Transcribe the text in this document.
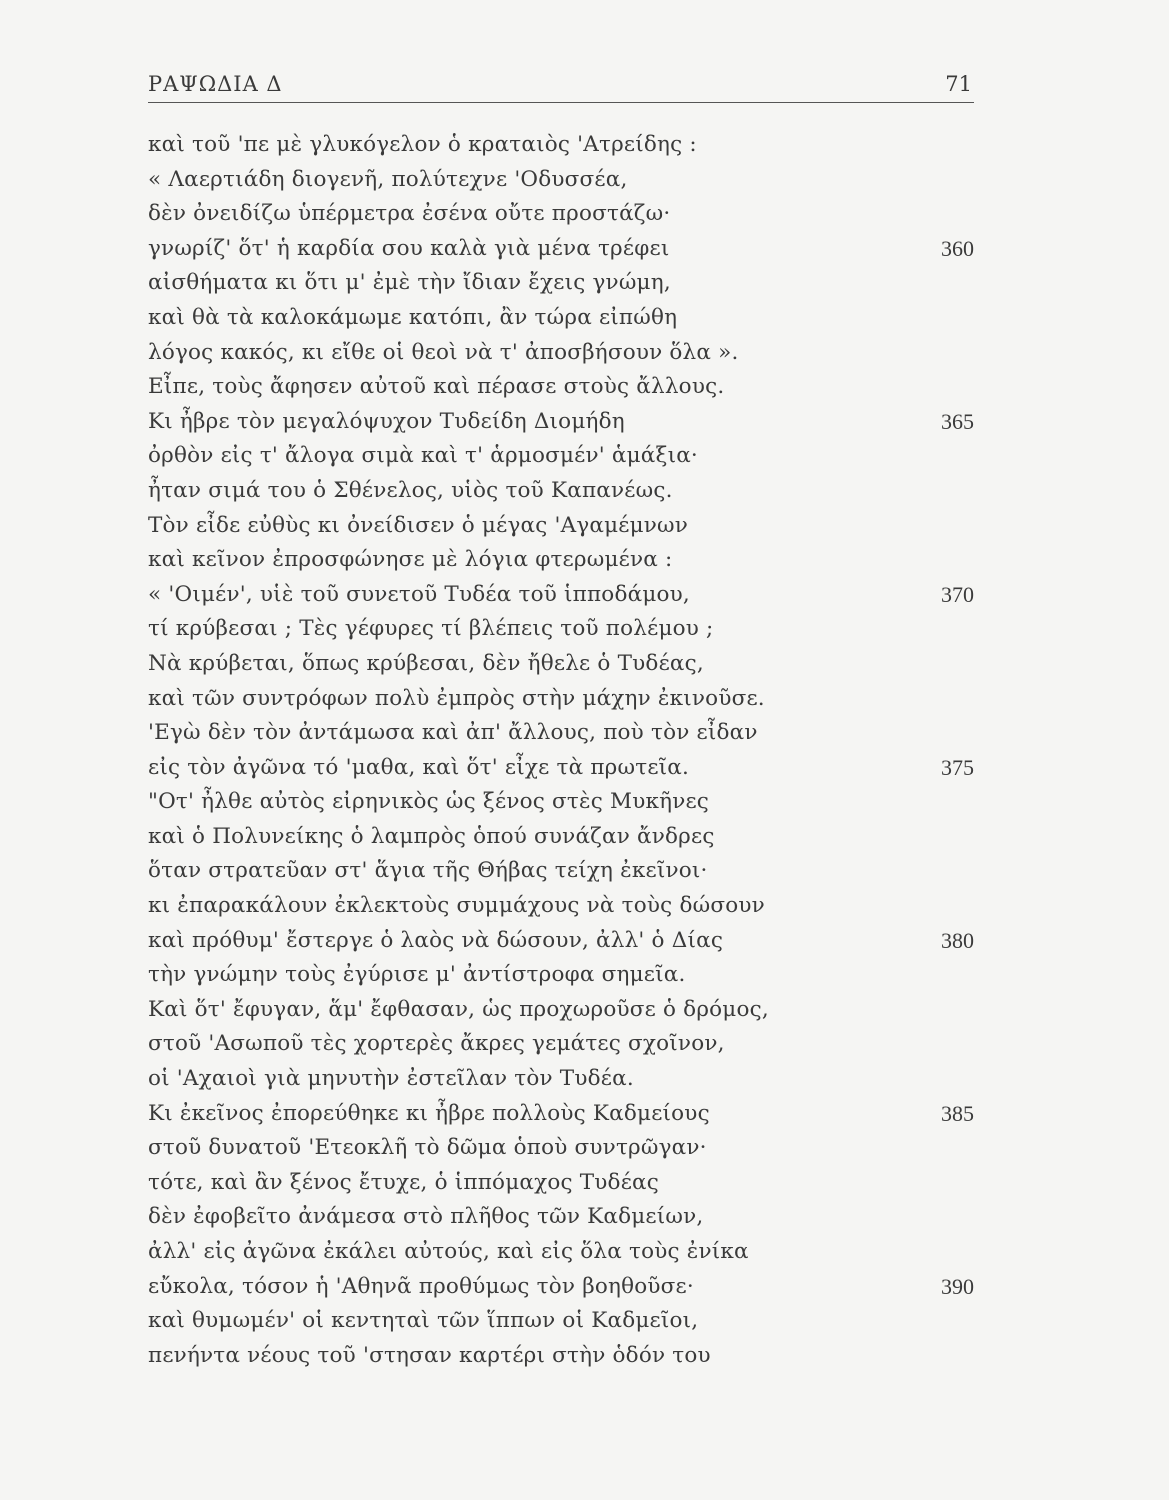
ΡΑΨΩΔΙΑ Δ	71
καὶ τοῦ 'πε μὲ γλυκόγελον ὁ κραταιὸς 'Ατρείδης :
« Λαερτιάδη διογενῆ, πολύτεχνε 'Οδυσσέα,
δὲν ὀνειδίζω ὑπέρμετρα ἐσένα οὔτε προστάζω·
γνωρίζ' ὅτ' ἡ καρδία σου καλὰ γιὰ μένα τρέφει	360
αἰσθήματα κι ὅτι μ' ἐμὲ τὴν ἴδιαν ἔχεις γνώμη,
καὶ θὰ τὰ καλοκάμωμε κατόπι, ἂν τώρα εἰπώθη
λόγος κακός, κι εἴθε οἱ θεοὶ νὰ τ' ἀποσβήσουν ὅλα ».
Εἶπε, τοὺς ἄφησεν αὐτοῦ καὶ πέρασε στοὺς ἄλλους.
Κι ἦβρε τὸν μεγαλόψυχον Τυδείδη Διομήδη	365
ὀρθὸν εἰς τ' ἄλογα σιμὰ καὶ τ' ἁρμοσμέν' ἁμάξια·
ἦταν σιμά του ὁ Σθένελος, υἱὸς τοῦ Καπανέως.
Τὸν εἶδε εὐθὺς κι ὀνείδισεν ὁ μέγας 'Αγαμέμνων
καὶ κεῖνον ἐπροσφώνησε μὲ λόγια φτερωμένα :
« 'Οιμέν', υἱὲ τοῦ συνετοῦ Τυδέα τοῦ ἱπποδάμου,	370
τί κρύβεσαι ; Τὲς γέφυρες τί βλέπεις τοῦ πολέμου ;
Νὰ κρύβεται, ὅπως κρύβεσαι, δὲν ἤθελε ὁ Τυδέας,
καὶ τῶν συντρόφων πολὺ ἐμπρὸς στὴν μάχην ἐκινοῦσε.
'Εγὼ δὲν τὸν ἀντάμωσα καὶ ἀπ' ἄλλους, ποὺ τὸν εἶδαν
εἰς τὸν ἀγῶνα τό 'μαθα, καὶ ὅτ' εἶχε τὰ πρωτεῖα.	375
"Οτ' ἦλθε αὐτὸς εἰρηνικὸς ὡς ξένος στὲς Μυκῆνες
καὶ ὁ Πολυνείκης ὁ λαμπρὸς ὁπού συνάζαν ἄνδρες
ὅταν στρατεῦαν στ' ἅγια τῆς Θήβας τείχη ἐκεῖνοι·
κι ἐπαρακάλουν ἐκλεκτοὺς συμμάχους νὰ τοὺς δώσουν
καὶ πρόθυμ' ἔστεργε ὁ λαὸς νὰ δώσουν, ἀλλ' ὁ Δίας	380
τὴν γνώμην τοὺς ἐγύρισε μ' ἀντίστροφα σημεῖα.
Καὶ ὅτ' ἔφυγαν, ἅμ' ἔφθασαν, ὡς προχωροῦσε ὁ δρόμος,
στοῦ 'Ασωποῦ τὲς χορτερὲς ἄκρες γεμάτες σχοῖνον,
οἱ 'Αχαιοὶ γιὰ μηνυτὴν ἐστεῖλαν τὸν Τυδέα.
Κι ἐκεῖνος ἐπορεύθηκε κι ἦβρε πολλοὺς Καδμείους	385
στοῦ δυνατοῦ 'Ετεοκλῆ τὸ δῶμα ὁποὺ συντρῶγαν·
τότε, καὶ ἂν ξένος ἔτυχε, ὁ ἱππόμαχος Τυδέας
δὲν ἐφοβεῖτο ἀνάμεσα στὸ πλῆθος τῶν Καδμείων,
ἀλλ' εἰς ἀγῶνα ἐκάλει αὐτούς, καὶ εἰς ὅλα τοὺς ἐνίκα
εὔκολα, τόσον ἡ 'Αθηνᾶ προθύμως τὸν βοηθοῦσε·	390
καὶ θυμωμέν' οἱ κεντηταὶ τῶν ἵππων οἱ Καδμεῖοι,
πενήντα νέους τοῦ 'στησαν καρτέρι στὴν ὁδόν του
